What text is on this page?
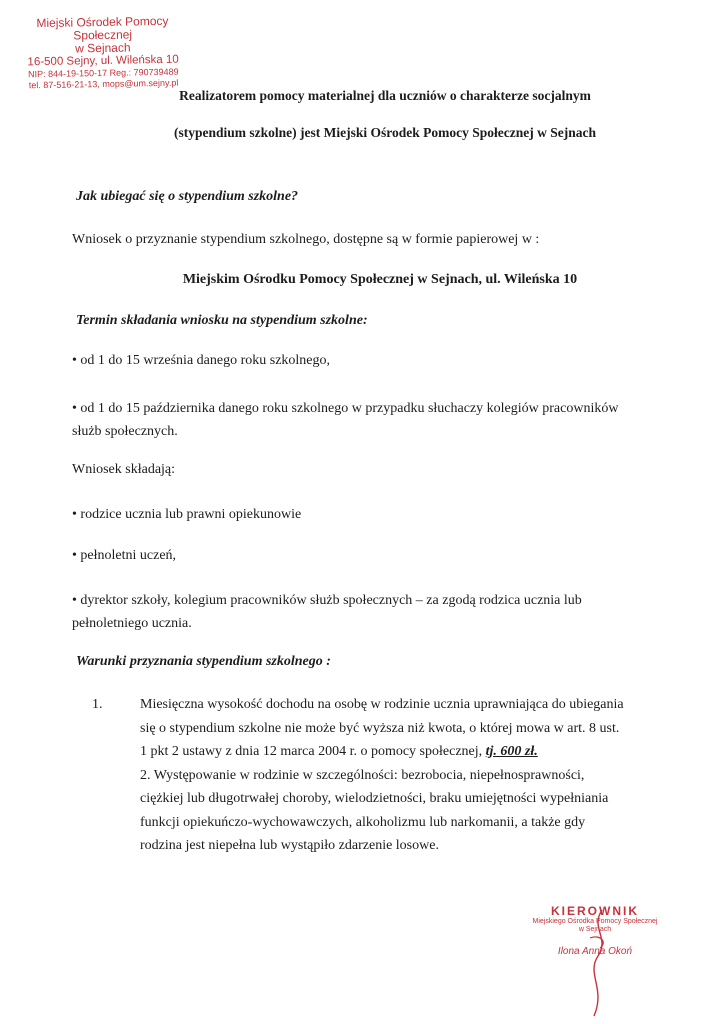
Miejski Ośrodek Pomocy Społecznej
w Sejnach
16-500 Sejny, ul. Wileńska 10
NIP: 844-19-150-17 Reg.: 790739489
tel. 87-516-21-13, mops@um.sejny.pl
Realizatorem pomocy materialnej dla uczniów o charakterze socjalnym
(stypendium szkolne) jest Miejski Ośrodek Pomocy Społecznej w Sejnach
Jak ubiegać się o stypendium szkolne?
Wniosek o przyznanie stypendium szkolnego, dostępne są w formie papierowej w :
Miejskim Ośrodku Pomocy Społecznej w Sejnach, ul. Wileńska 10
Termin składania wniosku na stypendium szkolne:
• od 1 do 15 września danego roku szkolnego,
• od 1 do 15 października danego roku szkolnego w przypadku słuchaczy kolegiów pracowników służb społecznych.
Wniosek składają:
• rodzice ucznia lub prawni opiekunowie
• pełnoletni uczeń,
• dyrektor szkoły, kolegium pracowników służb społecznych – za zgodą rodzica ucznia lub pełnoletniego ucznia.
Warunki przyznania stypendium szkolnego :
1.	Miesięczna wysokość dochodu na osobę w rodzinie ucznia uprawniająca do ubiegania się o stypendium szkolne nie może być wyższa niż kwota, o której mowa w art. 8 ust. 1 pkt 2 ustawy z dnia 12 marca 2004 r. o pomocy społecznej, tj. 600 zł.
2. Występowanie w rodzinie w szczególności: bezrobocia, niepełnosprawności, ciężkiej lub długotrwałej choroby, wielodzietności, braku umiejętności wypełniania funkcji opiekuńczo-wychowawczych, alkoholizmu lub narkomanii, a także gdy rodzina jest niepełna lub wystąpiło zdarzenie losowe.
KIEROWNIK
Miejskiego Ośrodka Pomocy Społecznej
w Sejnach
Ilona Anna Okoń
